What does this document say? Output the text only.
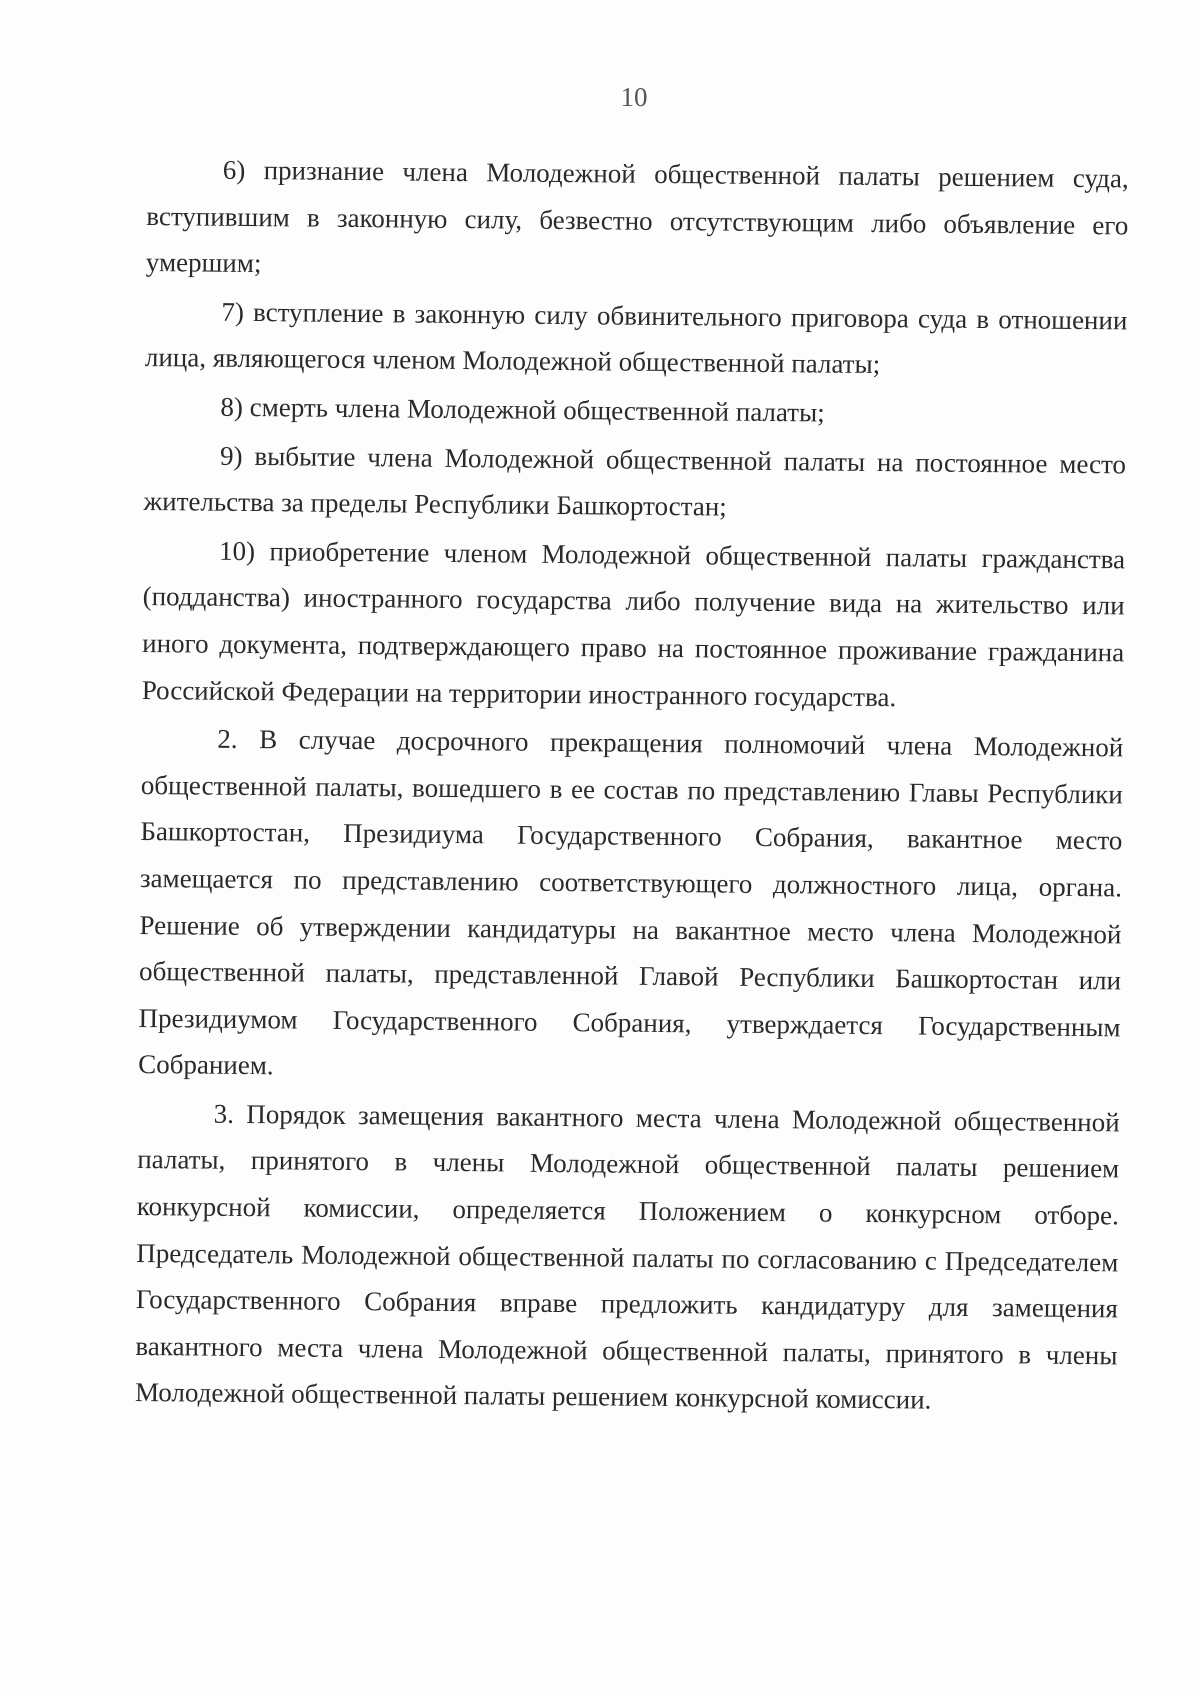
10

6) признание члена Молодежной общественной палаты решением суда, вступившим в законную силу, безвестно отсутствующим либо объявление его умершим;

7) вступление в законную силу обвинительного приговора суда в отношении лица, являющегося членом Молодежной общественной палаты;

8) смерть члена Молодежной общественной палаты;

9) выбытие члена Молодежной общественной палаты на постоянное место жительства за пределы Республики Башкортостан;

10) приобретение членом Молодежной общественной палаты гражданства (подданства) иностранного государства либо получение вида на жительство или иного документа, подтверждающего право на постоянное проживание гражданина Российской Федерации на территории иностранного государства.

2. В случае досрочного прекращения полномочий члена Молодежной общественной палаты, вошедшего в ее состав по представлению Главы Республики Башкортостан, Президиума Государственного Собрания, вакантное место замещается по представлению соответствующего должностного лица, органа. Решение об утверждении кандидатуры на вакантное место члена Молодежной общественной палаты, представленной Главой Республики Башкортостан или Президиумом Государственного Собрания, утверждается Государственным Собранием.

3. Порядок замещения вакантного места члена Молодежной общественной палаты, принятого в члены Молодежной общественной палаты решением конкурсной комиссии, определяется Положением о конкурсном отборе. Председатель Молодежной общественной палаты по согласованию с Председателем Государственного Собрания вправе предложить кандидатуру для замещения вакантного места члена Молодежной общественной палаты, принятого в члены Молодежной общественной палаты решением конкурсной комиссии.
